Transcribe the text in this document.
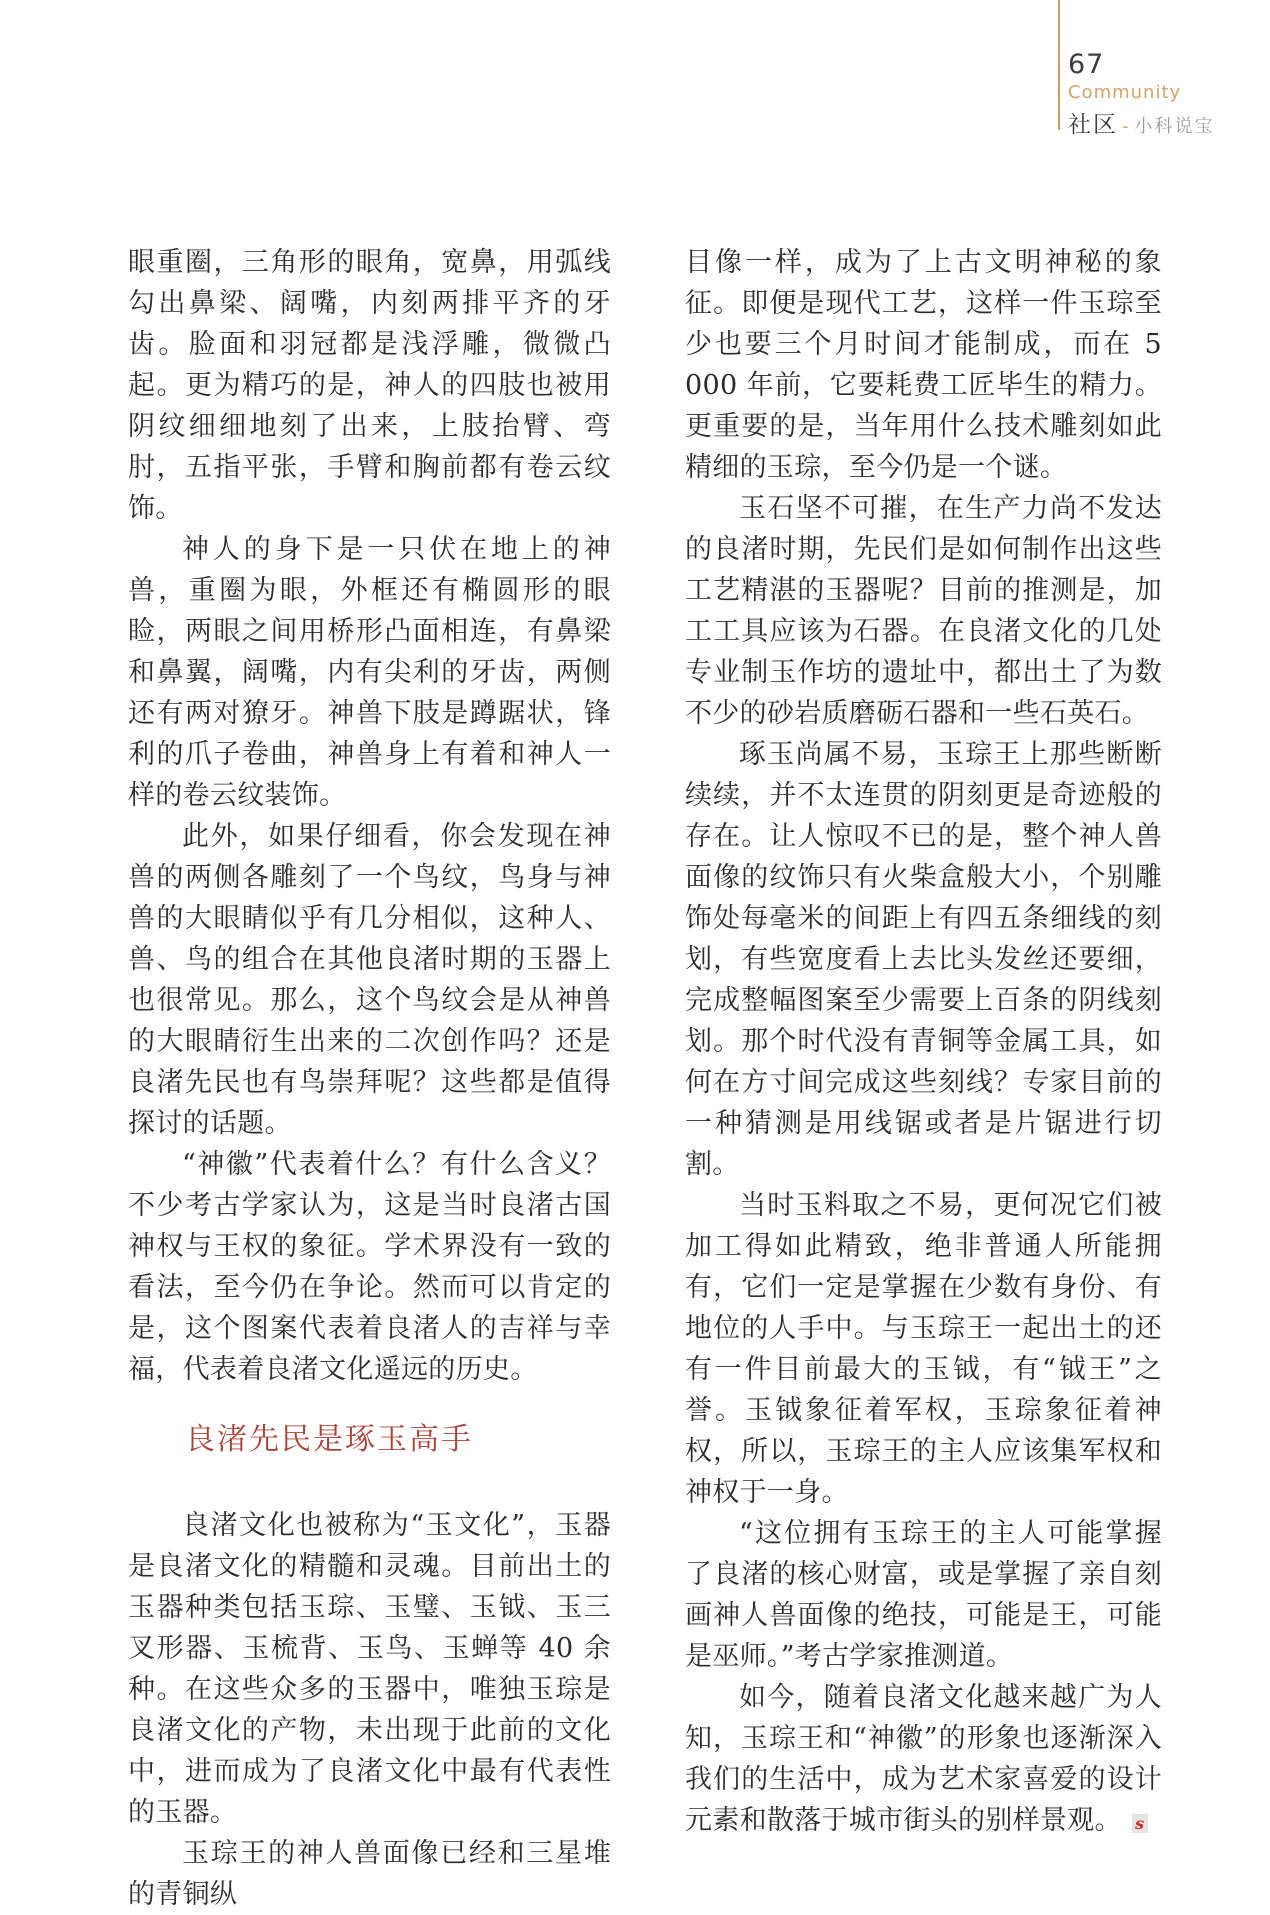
67
Community
社区 - 小科说宝

眼重圈，三角形的眼角，宽鼻，用弧线勾出鼻梁、阔嘴，内刻两排平齐的牙齿。脸面和羽冠都是浅浮雕，微微凸起。更为精巧的是，神人的四肢也被用阴纹细细地刻了出来，上肢抬臂、弯肘，五指平张，手臂和胸前都有卷云纹饰。

神人的身下是一只伏在地上的神兽，重圈为眼，外框还有椭圆形的眼睑，两眼之间用桥形凸面相连，有鼻梁和鼻翼，阔嘴，内有尖利的牙齿，两侧还有两对獠牙。神兽下肢是蹲踞状，锋利的爪子卷曲，神兽身上有着和神人一样的卷云纹装饰。

此外，如果仔细看，你会发现在神兽的两侧各雕刻了一个鸟纹，鸟身与神兽的大眼睛似乎有几分相似，这种人、兽、鸟的组合在其他良渚时期的玉器上也很常见。那么，这个鸟纹会是从神兽的大眼睛衍生出来的二次创作吗？还是良渚先民也有鸟崇拜呢？这些都是值得探讨的话题。

“神徽”代表着什么？有什么含义？不少考古学家认为，这是当时良渚古国神权与王权的象征。学术界没有一致的看法，至今仍在争论。然而可以肯定的是，这个图案代表着良渚人的吉祥与幸福，代表着良渚文化遥远的历史。

良渚先民是琢玉高手

良渚文化也被称为“玉文化”，玉器是良渚文化的精髓和灵魂。目前出土的玉器种类包括玉琮、玉璧、玉钺、玉三叉形器、玉梳背、玉鸟、玉蝉等 40 余种。在这些众多的玉器中，唯独玉琮是良渚文化的产物，未出现于此前的文化中，进而成为了良渚文化中最有代表性的玉器。

玉琮王的神人兽面像已经和三星堆的青铜纵

目像一样，成为了上古文明神秘的象征。即便是现代工艺，这样一件玉琮至少也要三个月时间才能制成，而在 5 000 年前，它要耗费工匠毕生的精力。更重要的是，当年用什么技术雕刻如此精细的玉琮，至今仍是一个谜。

玉石坚不可摧，在生产力尚不发达的良渚时期，先民们是如何制作出这些工艺精湛的玉器呢？目前的推测是，加工工具应该为石器。在良渚文化的几处专业制玉作坊的遗址中，都出土了为数不少的砂岩质磨砺石器和一些石英石。

琢玉尚属不易，玉琮王上那些断断续续，并不太连贯的阴刻更是奇迹般的存在。让人惊叹不已的是，整个神人兽面像的纹饰只有火柴盒般大小，个别雕饰处每毫米的间距上有四五条细线的刻划，有些宽度看上去比头发丝还要细，完成整幅图案至少需要上百条的阴线刻划。那个时代没有青铜等金属工具，如何在方寸间完成这些刻线？专家目前的一种猜测是用线锯或者是片锯进行切割。

当时玉料取之不易，更何况它们被加工得如此精致，绝非普通人所能拥有，它们一定是掌握在少数有身份、有地位的人手中。与玉琮王一起出土的还有一件目前最大的玉钺，有“钺王”之誉。玉钺象征着军权，玉琮象征着神权，所以，玉琮王的主人应该集军权和神权于一身。

“这位拥有玉琮王的主人可能掌握了良渚的核心财富，或是掌握了亲自刻画神人兽面像的绝技，可能是王，可能是巫师。”考古学家推测道。

如今，随着良渚文化越来越广为人知，玉琮王和“神徽”的形象也逐渐深入我们的生活中，成为艺术家喜爱的设计元素和散落于城市街头的别样景观。 s
